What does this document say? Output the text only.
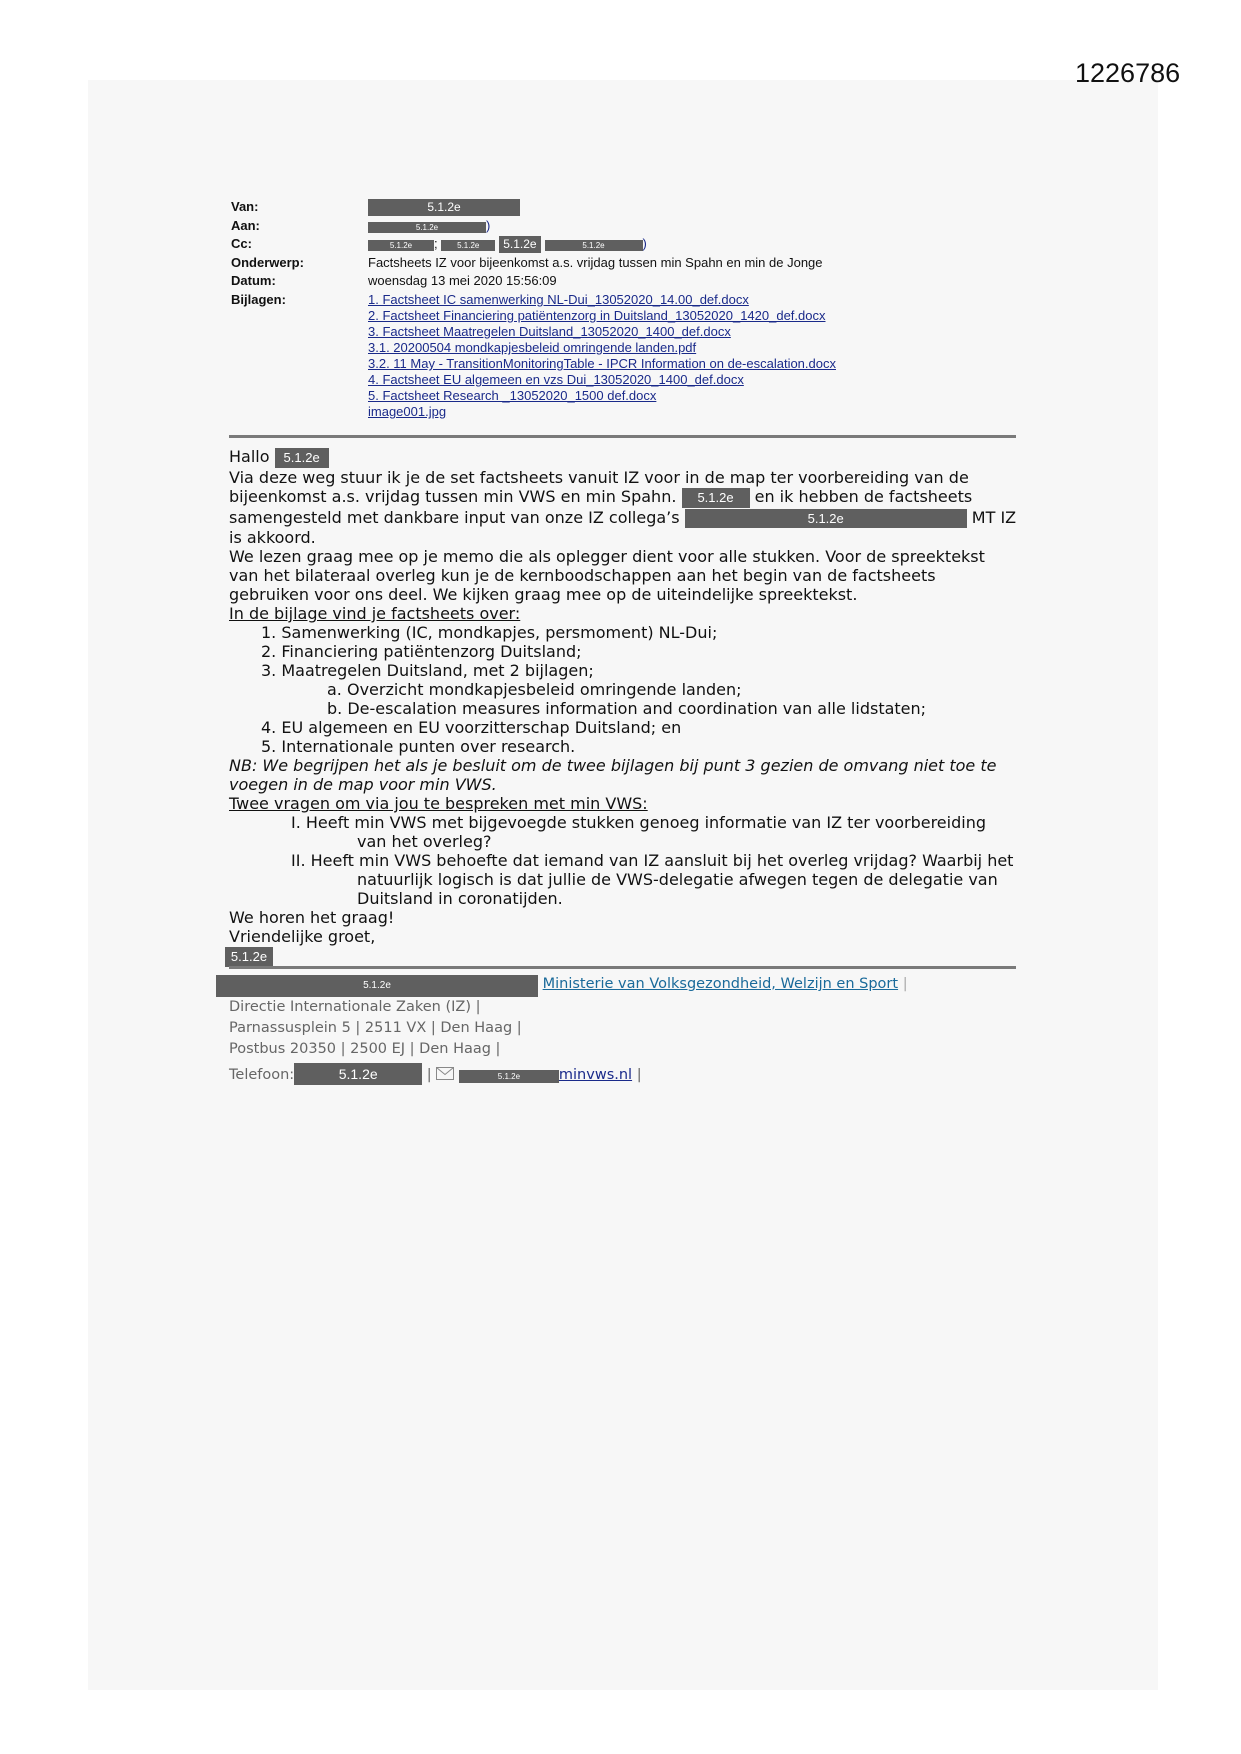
1226786
Van:	5.1.2e
Aan:	5.1.2e	)
Cc:	5.1.2e ; 5.1.2e 5.1.2e	5.1.2e	)
Onderwerp:	Factsheets IZ voor bijeenkomst a.s. vrijdag tussen min Spahn en min de Jonge
Datum:	woensdag 13 mei 2020 15:56:09
Bijlagen:	1. Factsheet IC samenwerking NL-Dui_13052020_14.00_def.docx
2. Factsheet Financiering patiëntenzorg in Duitsland_13052020_1420_def.docx
3. Factsheet Maatregelen Duitsland_13052020_1400_def.docx
3.1. 20200504 mondkapjesbeleid omringende landen.pdf
3.2. 11 May - TransitionMonitoringTable - IPCR Information on de-escalation.docx
4. Factsheet EU algemeen en vzs Dui_13052020_1400_def.docx
5. Factsheet Research _13052020_1500 def.docx
image001.jpg

Hallo 5.1.2e

Via deze weg stuur ik je de set factsheets vanuit IZ voor in de map ter voorbereiding van de bijeenkomst a.s. vrijdag tussen min VWS en min Spahn. 5.1.2e en ik hebben de factsheets samengesteld met dankbare input van onze IZ collega’s	5.1.2e	MT IZ is akkoord.

We lezen graag mee op je memo die als oplegger dient voor alle stukken. Voor de spreektekst van het bilateraal overleg kun je de kernboodschappen aan het begin van de factsheets gebruiken voor ons deel. We kijken graag mee op de uiteindelijke spreektekst.

In de bijlage vind je factsheets over:

1. Samenwerking (IC, mondkapjes, persmoment) NL-Dui;
2. Financiering patiëntenzorg Duitsland;
3. Maatregelen Duitsland, met 2 bijlagen;
a. Overzicht mondkapjesbeleid omringende landen;
b. De-escalation measures information and coordination van alle lidstaten;
4. EU algemeen en EU voorzitterschap Duitsland; en
5. Internationale punten over research.

NB: We begrijpen het als je besluit om de twee bijlagen bij punt 3 gezien de omvang niet toe te voegen in de map voor min VWS.

Twee vragen om via jou te bespreken met min VWS:

I. Heeft min VWS met bijgevoegde stukken genoeg informatie van IZ ter voorbereiding van het overleg?
II. Heeft min VWS behoefte dat iemand van IZ aansluit bij het overleg vrijdag? Waarbij het natuurlijk logisch is dat jullie de VWS-delegatie afwegen tegen de delegatie van Duitsland in coronatijden.

We horen het graag!

Vriendelijke groet,

5.1.2e

5.1.2e	Ministerie van Volksgezondheid, Welzijn en Sport |
Directie Internationale Zaken (IZ) |
Parnassusplein 5 | 2511 VX | Den Haag |
Postbus 20350 | 2500 EJ | Den Haag |
Telefoon:	5.1.2e	|	5.1.2e	minvws.nl |
